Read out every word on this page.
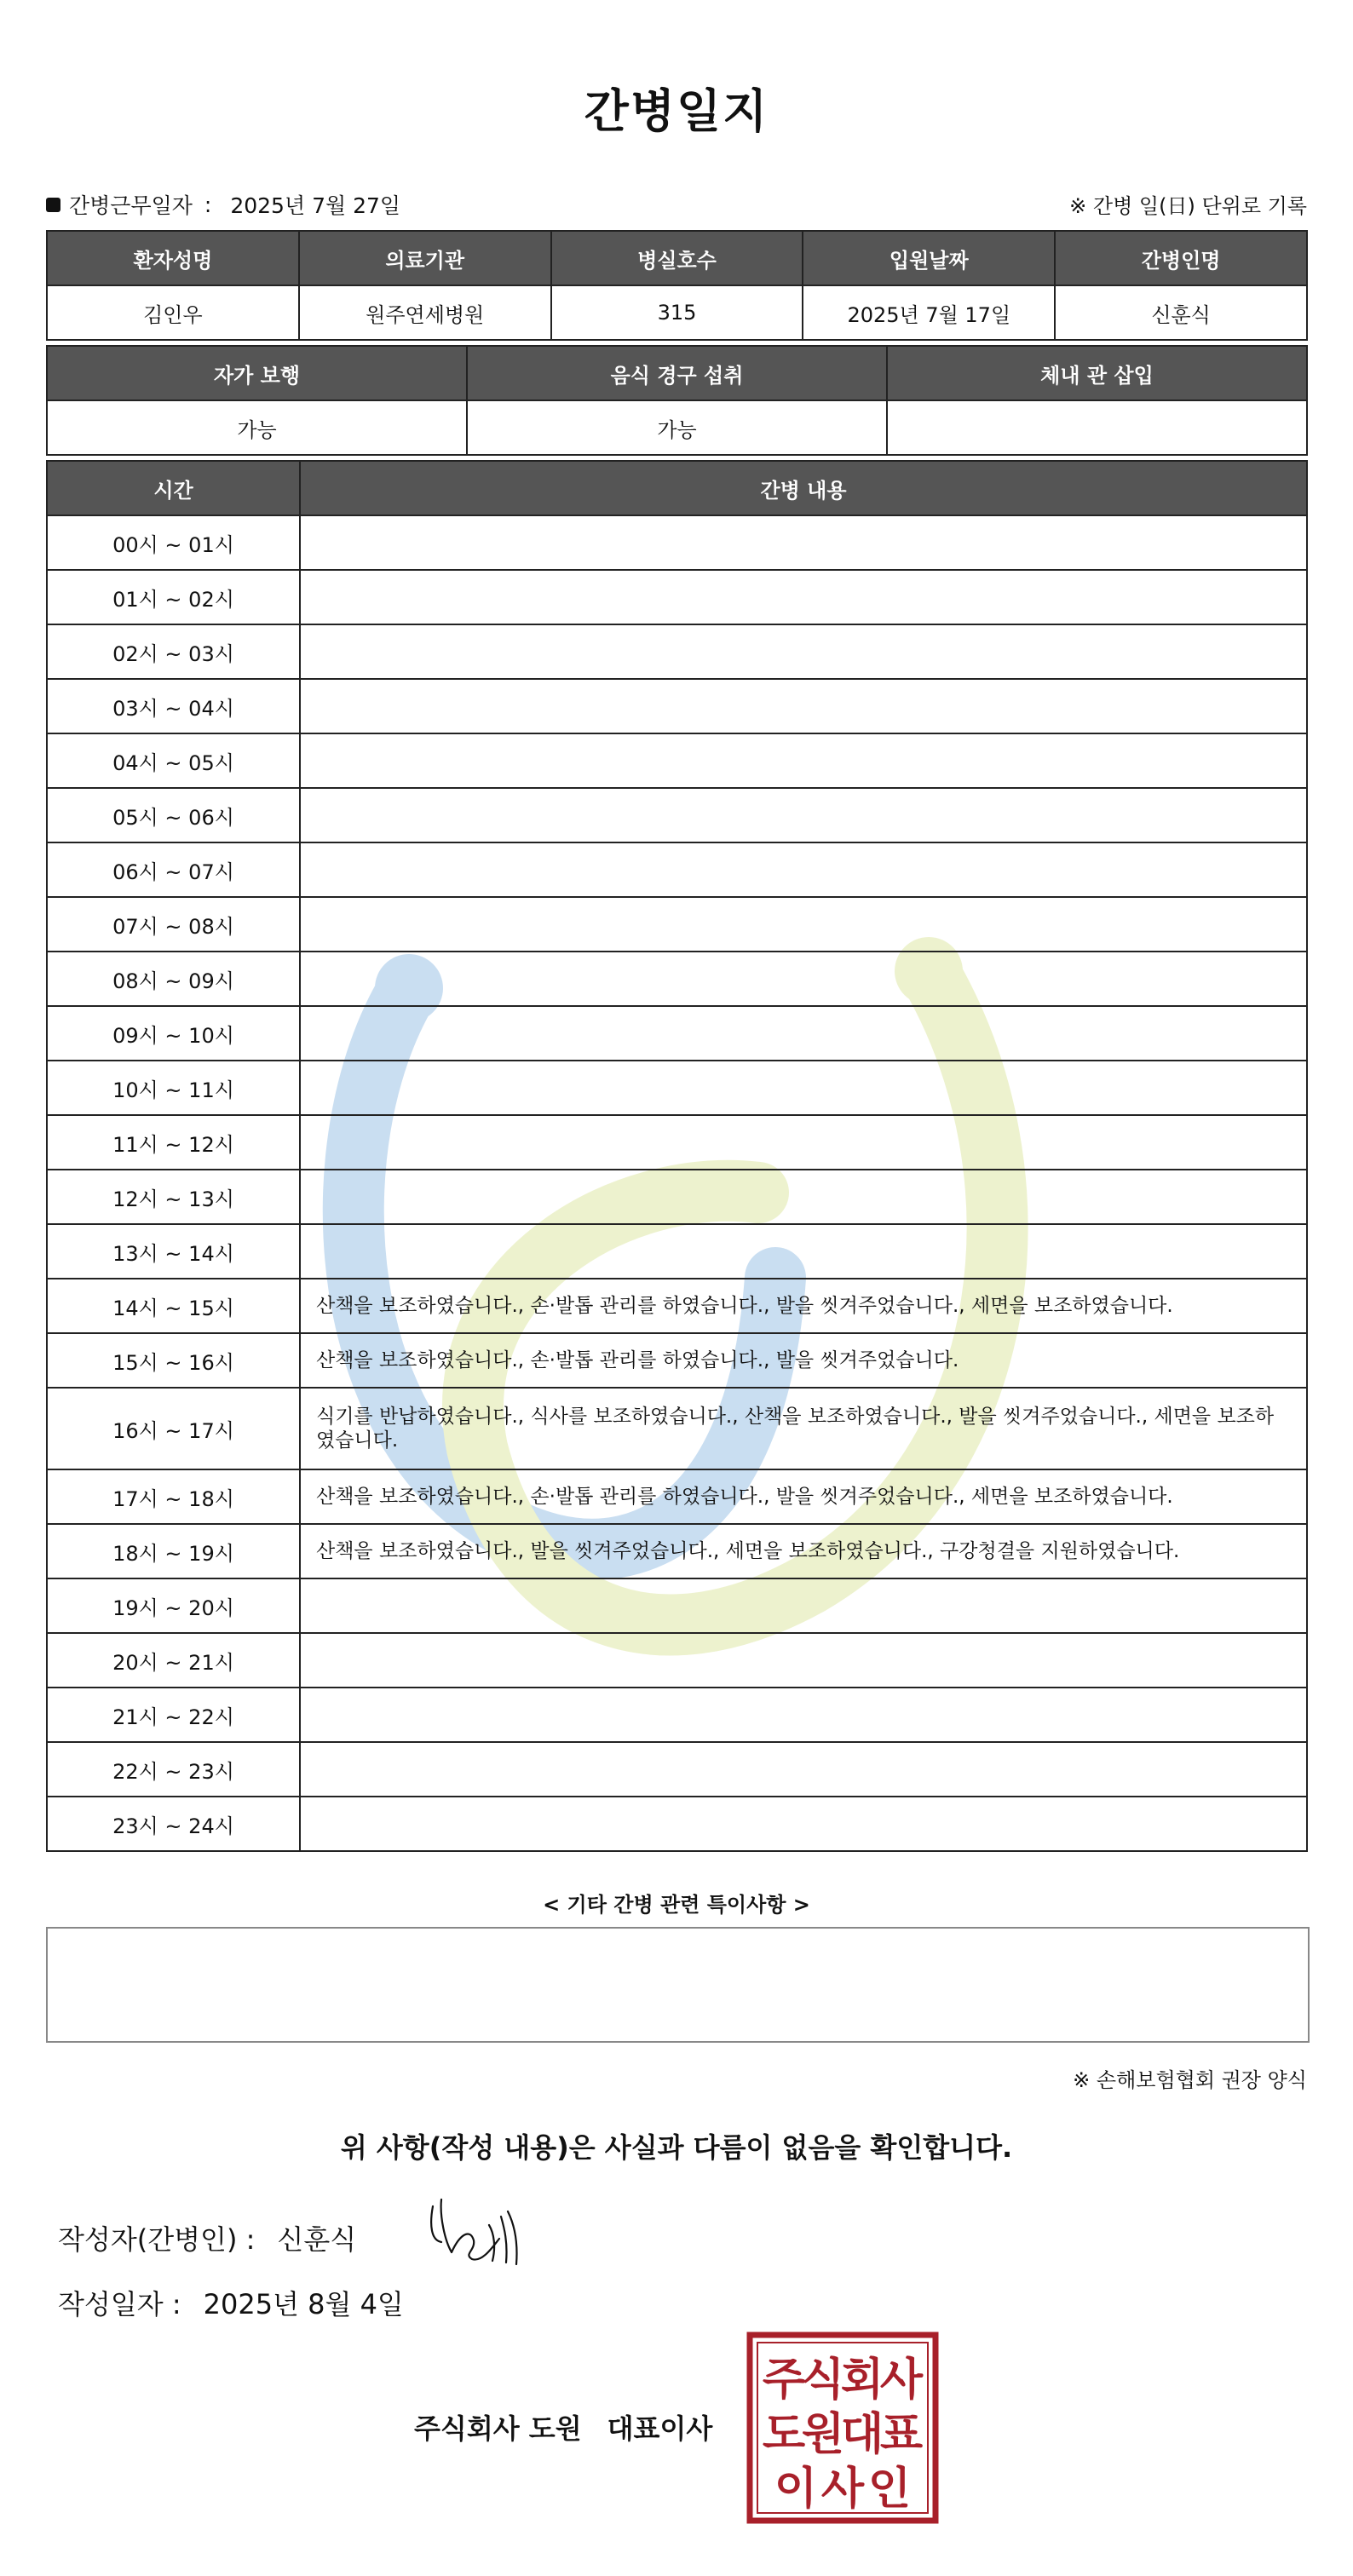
간병일지
간병근무일자 : 2025년 7월 27일	※ 간병 일(日) 단위로 기록
환자성명	의료기관	병실호수	입원날짜	간병인명
김인우	원주연세병원	315	2025년 7월 17일	신훈식
자가 보행	음식 경구 섭취	체내 관 삽입
가능	가능	
시간	간병 내용
00시 ~ 01시	
01시 ~ 02시	
02시 ~ 03시	
03시 ~ 04시	
04시 ~ 05시	
05시 ~ 06시	
06시 ~ 07시	
07시 ~ 08시	
08시 ~ 09시	
09시 ~ 10시	
10시 ~ 11시	
11시 ~ 12시	
12시 ~ 13시	
13시 ~ 14시	
14시 ~ 15시	산책을 보조하였습니다., 손·발톱 관리를 하였습니다., 발을 씻겨주었습니다., 세면을 보조하였습니다.
15시 ~ 16시	산책을 보조하였습니다., 손·발톱 관리를 하였습니다., 발을 씻겨주었습니다.
16시 ~ 17시	식기를 반납하였습니다., 식사를 보조하였습니다., 산책을 보조하였습니다., 발을 씻겨주었습니다., 세면을 보조하였습니다.
17시 ~ 18시	산책을 보조하였습니다., 손·발톱 관리를 하였습니다., 발을 씻겨주었습니다., 세면을 보조하였습니다.
18시 ~ 19시	산책을 보조하였습니다., 발을 씻겨주었습니다., 세면을 보조하였습니다., 구강청결을 지원하였습니다.
19시 ~ 20시	
20시 ~ 21시	
21시 ~ 22시	
22시 ~ 23시	
23시 ~ 24시	
< 기타 간병 관련 특이사항 >
※ 손해보험협회 권장 양식
위 사항(작성 내용)은 사실과 다름이 없음을 확인합니다.
작성자(간병인) : 신훈식
작성일자 : 2025년 8월 4일
주식회사 도원 대표이사
주
식
회
사
도
원
대
표
이 사 인
